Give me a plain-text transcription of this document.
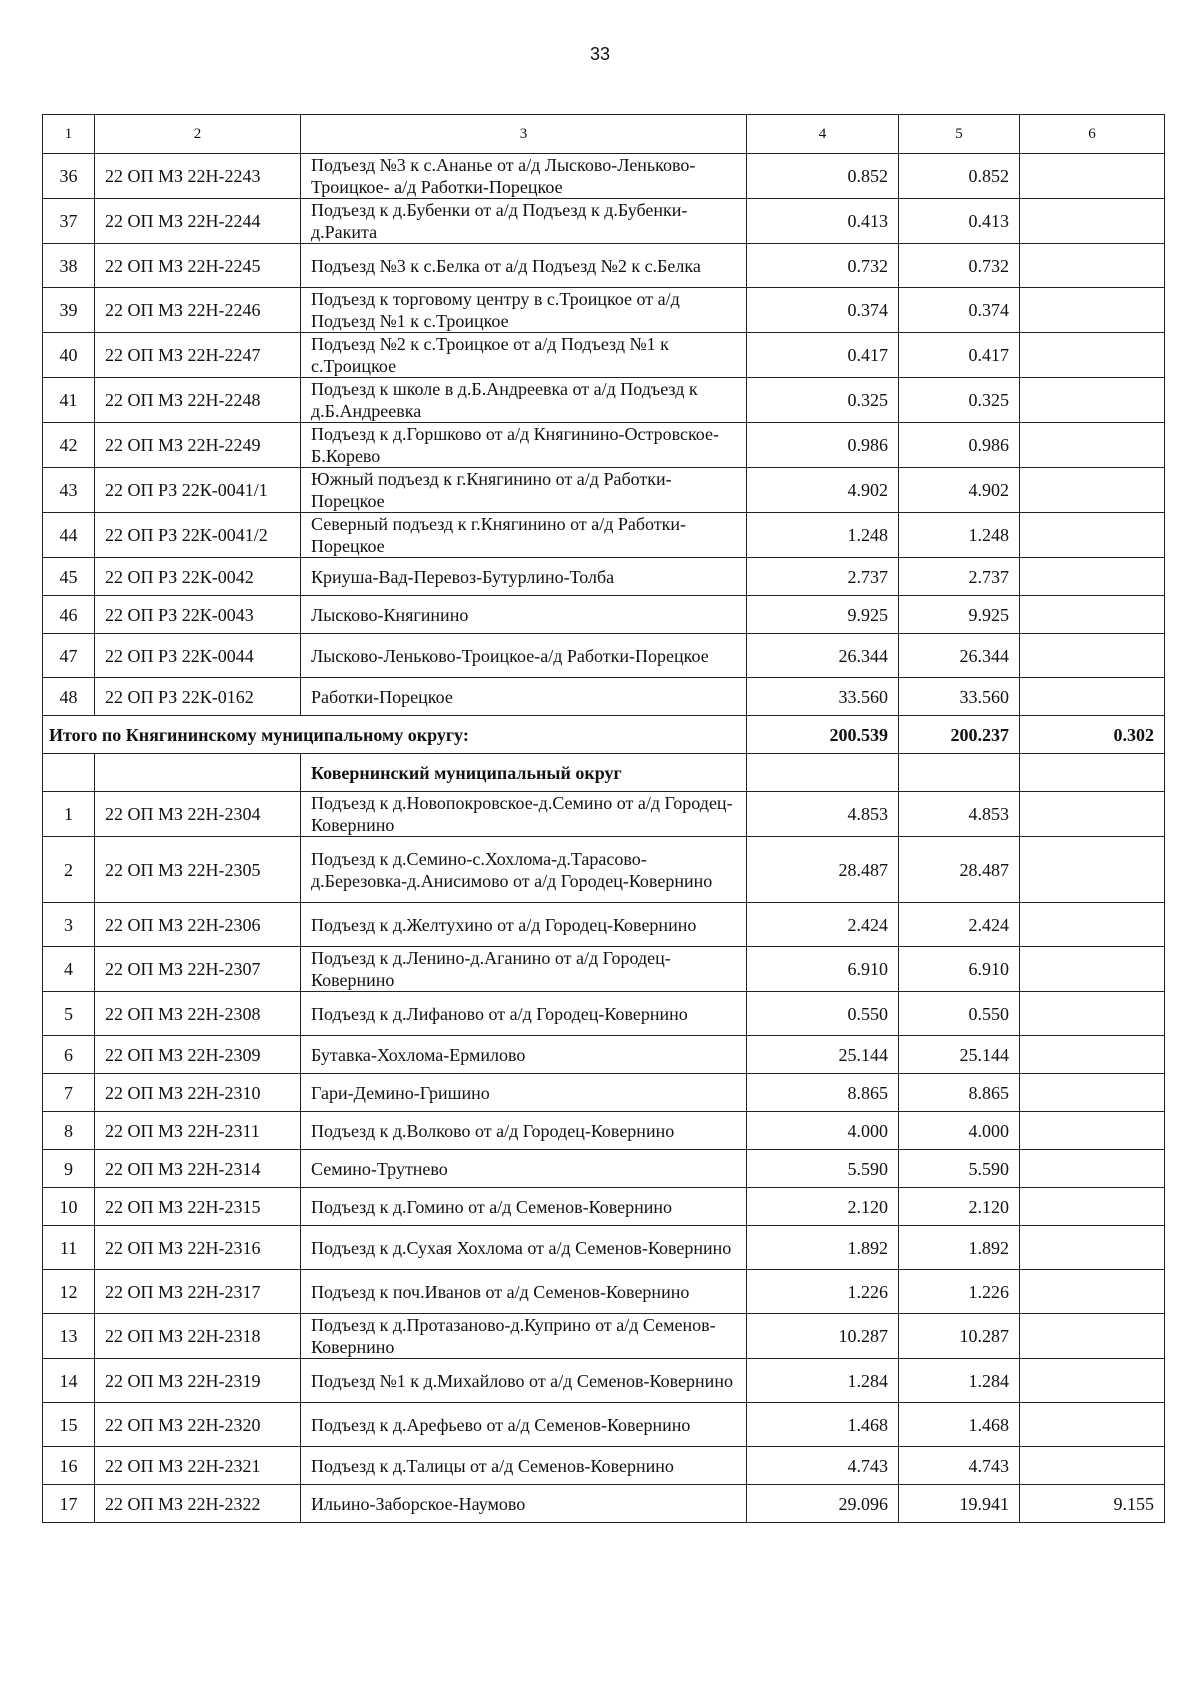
33
1	2	3	4	5	6
36	22 ОП МЗ 22Н-2243	Подъезд №3 к с.Ананье от а/д Лысково-Леньково-Троицкое- а/д Работки-Порецкое	0.852	0.852	
37	22 ОП МЗ 22Н-2244	Подъезд к д.Бубенки от а/д Подъезд к д.Бубенки-д.Ракита	0.413	0.413	
38	22 ОП МЗ 22Н-2245	Подъезд №3 к с.Белка от а/д Подъезд №2 к с.Белка	0.732	0.732	
39	22 ОП МЗ 22Н-2246	Подъезд к торговому центру в с.Троицкое от а/д Подъезд №1 к с.Троицкое	0.374	0.374	
40	22 ОП МЗ 22Н-2247	Подъезд №2 к с.Троицкое от а/д Подъезд №1 к с.Троицкое	0.417	0.417	
41	22 ОП МЗ 22Н-2248	Подъезд к школе в д.Б.Андреевка от а/д Подъезд к д.Б.Андреевка	0.325	0.325	
42	22 ОП МЗ 22Н-2249	Подъезд к д.Горшково от а/д Княгинино-Островское-Б.Корево	0.986	0.986	
43	22 ОП РЗ 22К-0041/1	Южный подъезд к г.Княгинино от а/д Работки-Порецкое	4.902	4.902	
44	22 ОП РЗ 22К-0041/2	Северный подъезд к г.Княгинино от а/д Работки-Порецкое	1.248	1.248	
45	22 ОП РЗ 22К-0042	Криуша-Вад-Перевоз-Бутурлино-Толба	2.737	2.737	
46	22 ОП РЗ 22К-0043	Лысково-Княгинино	9.925	9.925	
47	22 ОП РЗ 22К-0044	Лысково-Леньково-Троицкое-а/д Работки-Порецкое	26.344	26.344	
48	22 ОП РЗ 22К-0162	Работки-Порецкое	33.560	33.560	
Итого по Княгининскому муниципальному округу:			200.539	200.237	0.302
		Ковернинский муниципальный округ			
1	22 ОП МЗ 22Н-2304	Подъезд к д.Новопокровское-д.Семино от а/д Городец-Ковернино	4.853	4.853	
2	22 ОП МЗ 22Н-2305	Подъезд к д.Семино-с.Хохлома-д.Тарасово-д.Березовка-д.Анисимово от а/д Городец-Ковернино	28.487	28.487	
3	22 ОП МЗ 22Н-2306	Подъезд к д.Желтухино от а/д Городец-Ковернино	2.424	2.424	
4	22 ОП МЗ 22Н-2307	Подъезд к д.Ленино-д.Аганино от а/д Городец-Ковернино	6.910	6.910	
5	22 ОП МЗ 22Н-2308	Подъезд к д.Лифаново от а/д Городец-Ковернино	0.550	0.550	
6	22 ОП МЗ 22Н-2309	Бутавка-Хохлома-Ермилово	25.144	25.144	
7	22 ОП МЗ 22Н-2310	Гари-Демино-Гришино	8.865	8.865	
8	22 ОП МЗ 22Н-2311	Подъезд к д.Волково от а/д Городец-Ковернино	4.000	4.000	
9	22 ОП МЗ 22Н-2314	Семино-Трутнево	5.590	5.590	
10	22 ОП МЗ 22Н-2315	Подъезд к д.Гомино от а/д Семенов-Ковернино	2.120	2.120	
11	22 ОП МЗ 22Н-2316	Подъезд к д.Сухая Хохлома от а/д Семенов-Ковернино	1.892	1.892	
12	22 ОП МЗ 22Н-2317	Подъезд к поч.Иванов от а/д Семенов-Ковернино	1.226	1.226	
13	22 ОП МЗ 22Н-2318	Подъезд к д.Протазаново-д.Куприно от а/д Семенов-Ковернино	10.287	10.287	
14	22 ОП МЗ 22Н-2319	Подъезд №1 к д.Михайлово от а/д Семенов-Ковернино	1.284	1.284	
15	22 ОП МЗ 22Н-2320	Подъезд к д.Арефьево от а/д Семенов-Ковернино	1.468	1.468	
16	22 ОП МЗ 22Н-2321	Подъезд к д.Талицы от а/д Семенов-Ковернино	4.743	4.743	
17	22 ОП МЗ 22Н-2322	Ильино-Заборское-Наумово	29.096	19.941	9.155
